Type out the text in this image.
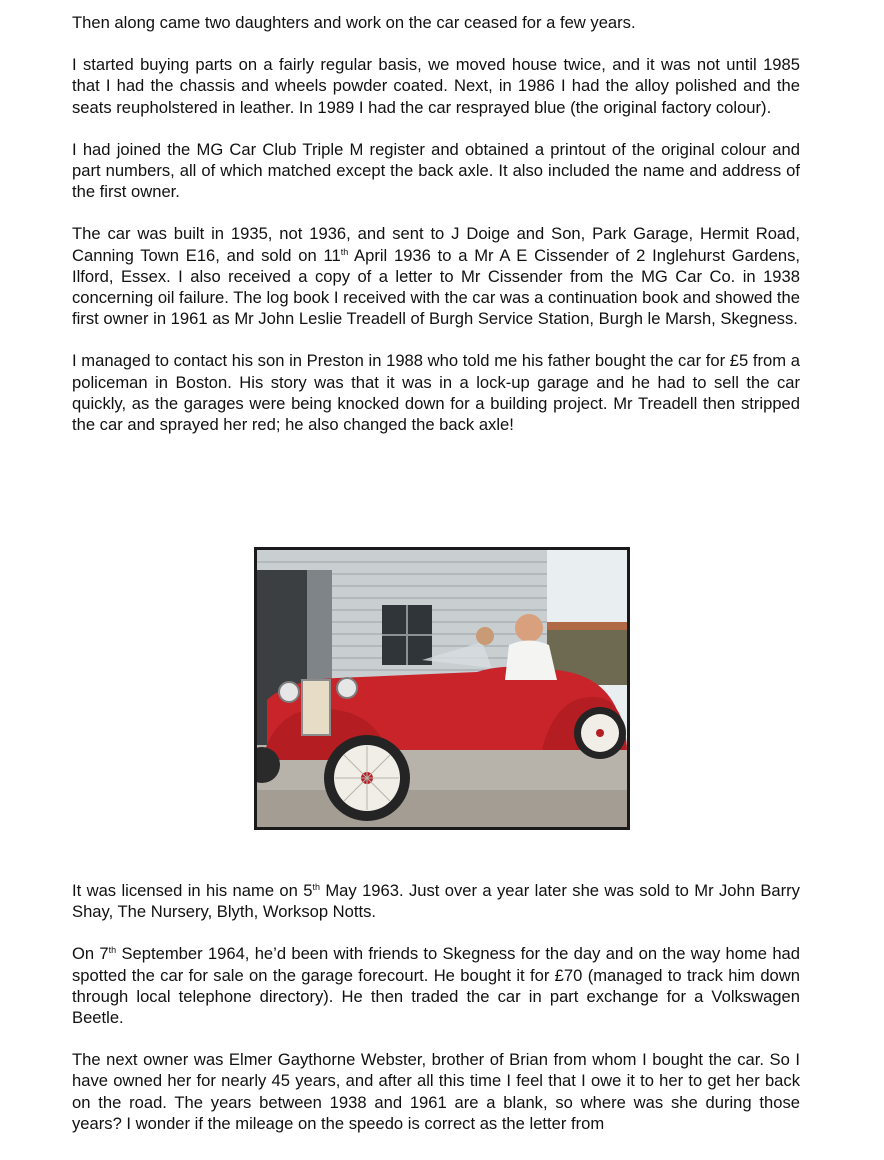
Then along came two daughters and work on the car ceased for a few years.

I started buying parts on a fairly regular basis, we moved house twice, and it was not until 1985 that I had the chassis and wheels powder coated. Next, in 1986 I had the alloy polished and the seats reupholstered in leather. In 1989 I had the car resprayed blue (the original factory colour).

I had joined the MG Car Club Triple M register and obtained a printout of the original colour and part numbers, all of which matched except the back axle. It also included the name and address of the first owner.

The car was built in 1935, not 1936, and sent to J Doige and Son, Park Garage, Hermit Road, Canning Town E16, and sold on 11th April 1936 to a Mr A E Cissender of 2 Inglehurst Gardens, Ilford, Essex. I also received a copy of a letter to Mr Cissender from the MG Car Co. in 1938 concerning oil failure. The log book I received with the car was a continuation book and showed the first owner in 1961 as Mr John Leslie Treadell of Burgh Service Station, Burgh le Marsh, Skegness.

I managed to contact his son in Preston in 1988 who told me his father bought the car for £5 from a policeman in Boston. His story was that it was in a lock-up garage and he had to sell the car quickly, as the garages were being knocked down for a building project. Mr Treadell then stripped the car and sprayed her red; he also changed the back axle!

It was licensed in his name on 5th May 1963. Just over a year later she was sold to Mr John Barry Shay, The Nursery, Blyth, Worksop Notts.

On 7th September 1964, he’d been with friends to Skegness for the day and on the way home had spotted the car for sale on the garage forecourt. He bought it for £70 (managed to track him down through local telephone directory). He then traded the car in part exchange for a Volkswagen Beetle.

The next owner was Elmer Gaythorne Webster, brother of Brian from whom I bought the car. So I have owned her for nearly 45 years, and after all this time I feel that I owe it to her to get her back on the road. The years between 1938 and 1961 are a blank, so where was she during those years? I wonder if the mileage on the speedo is correct as the letter from
